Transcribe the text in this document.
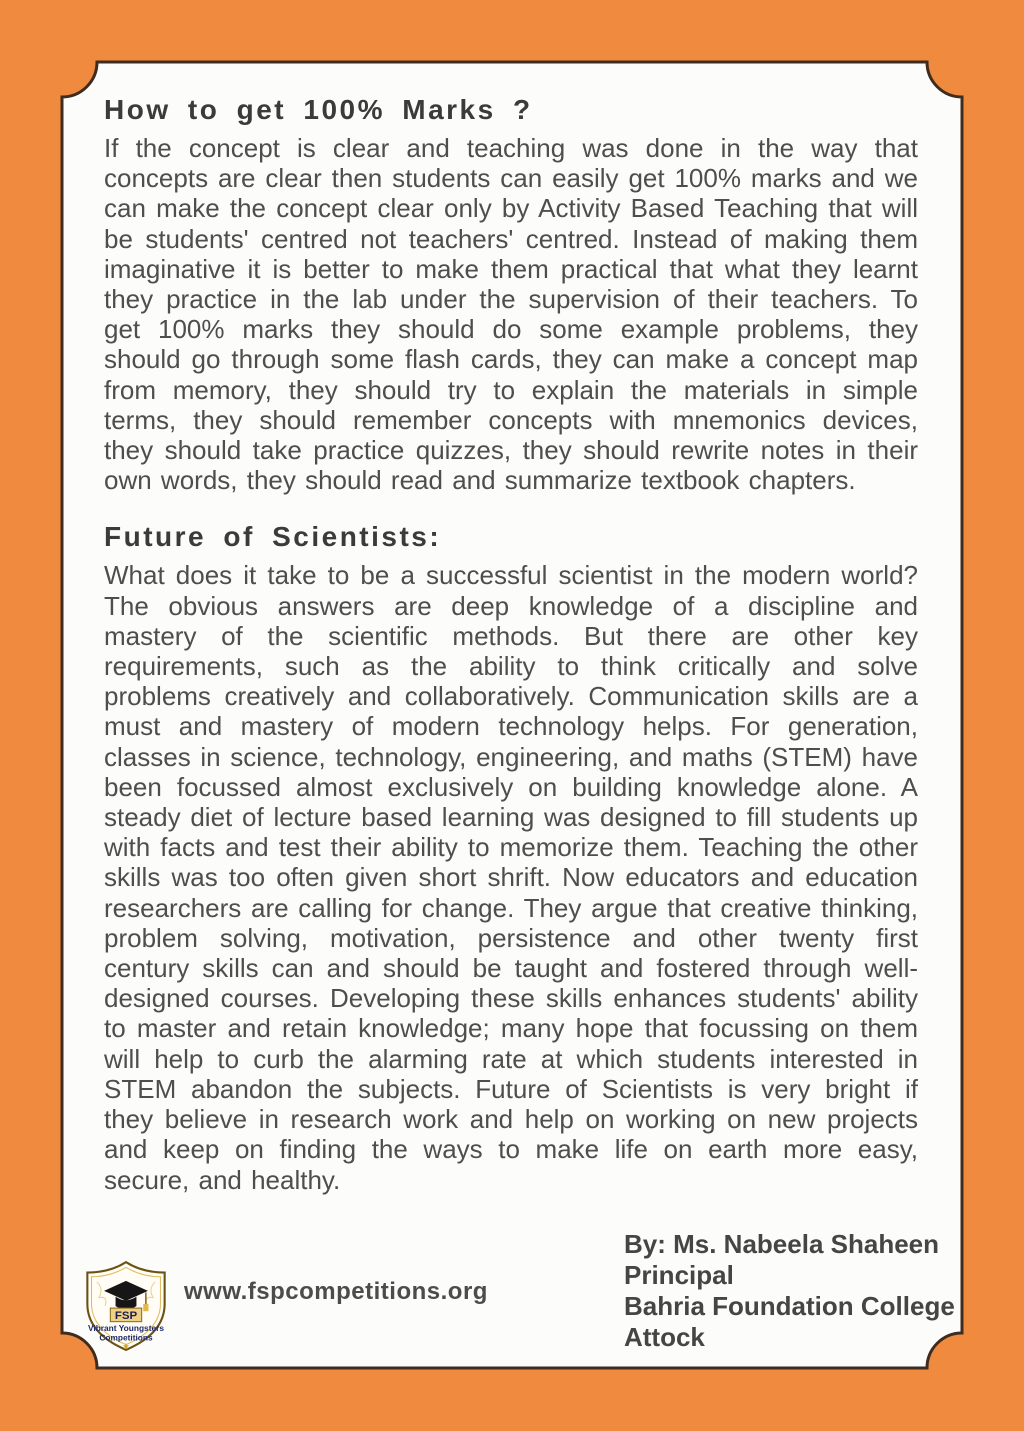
How to get 100% Marks ?
If the concept is clear and teaching was done in the way that concepts are clear then students can easily get 100% marks and we can make the concept clear only by Activity Based Teaching that will be students' centred not teachers' centred. Instead of making them imaginative it is better to make them practical that what they learnt they practice in the lab under the supervision of their teachers. To get 100% marks they should do some example problems, they should go through some flash cards, they can make a concept map from memory, they should try to explain the materials in simple terms, they should remember concepts with mnemonics devices, they should take practice quizzes, they should rewrite notes in their own words, they should read and summarize textbook chapters.
Future of Scientists:
What does it take to be a successful scientist in the modern world? The obvious answers are deep knowledge of a discipline and mastery of the scientific methods. But there are other key requirements, such as the ability to think critically and solve problems creatively and collaboratively. Communication skills are a must and mastery of modern technology helps. For generation, classes in science, technology, engineering, and maths (STEM) have been focussed almost exclusively on building knowledge alone. A steady diet of lecture based learning was designed to fill students up with facts and test their ability to memorize them. Teaching the other skills was too often given short shrift. Now educators and education researchers are calling for change. They argue that creative thinking, problem solving, motivation, persistence and other twenty first century skills can and should be taught and fostered through well-designed courses. Developing these skills enhances students' ability to master and retain knowledge; many hope that focussing on them will help to curb the alarming rate at which students interested in STEM abandon the subjects. Future of Scientists is very bright if they believe in research work and help on working on new projects and keep on finding the ways to make life on earth more easy, secure, and healthy.
By: Ms. Nabeela Shaheen
Principal
Bahria Foundation College
Attock
FSP
Vibrant Youngsters
Competitions
★
www.fspcompetitions.org
